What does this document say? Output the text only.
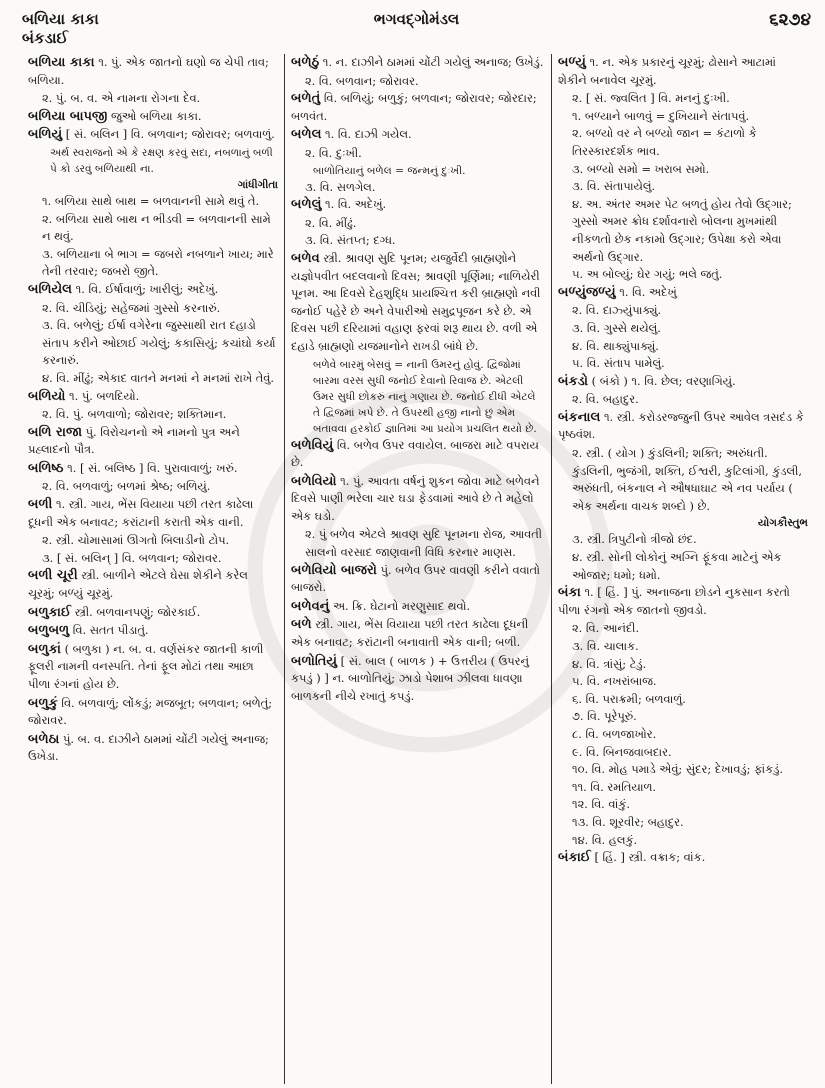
બળિયા કાકા
બંકડાઈ
ભગવદ્ગોમંડલ	૬૨૭૪
બળિયા કાકા ૧. પું. એક જાતનો ઘણો જ ચેપી તાવ; બળિયા.
૨. પું. બ. વ. એ નામના રોગના દેવ.
બળિયા બાપજી જુઓ બળિયા કાકા.
બળિયું [ સં. બલિન ] વિ. બળવાન; જોરાવર; બળવાળું.
અર્થ સ્વરાજનો એ કે રક્ષણ કરવું સદા, નબળાનું બળી પે કો ડરવું બળિયાથી ના.
ગાંધીગીતા
૧. બળિયા સાથે બાથ = બળવાનની સામે થવું તે.
૨. બળિયા સાથે બાથ ન ભીડવી = બળવાનની સામે ન થવું.
૩. બળિયાના બે ભાગ = જબરો નબળાને ખાય; મારે તેની તરવાર; જબરો જીતે.
બળિયેલ ૧. વિ. ઈર્ષાવાળું; ખારીલું; અદેખું.
૨. વિ. ચીડિયું; સહેજમાં ગુસ્સો કરનારું.
૩. વિ. બળેલું; ઈર્ષા વગેરેના જુસ્સાથી રાત દહાડો સંતાપ કરીને ઓછાઈ ગયેલું; કકાસિયું; કચાંઘો કર્યા કરનારું.
૪. વિ. મીંઢું; એકાદ વાતને મનમાં ને મનમાં રાખે તેવું.
બળિયો ૧. પું. બળદિયો.
૨. વિ. પું. બળવાળો; જોરાવર; શક્તિમાન.
બળિ રાજા પું. વિરોચનનો એ નામનો પુત્ર અને પ્રહ્લાદનો પૌત્ર.
બળિષ્ઠ ૧. [ સં. બલિષ્ઠ ] વિ. પુરાવાવાળું; ખરું.
૨. વિ. બળવાળું; બળમાં શ્રેષ્ઠ; બળિયું.
બળી ૧. સ્ત્રી. ગાય, ભેંસ વિયાયા પછી તરત કાઢેલા દૂધની એક બનાવટ; કરાંટાની કરાતી એક વાની.
૨. સ્ત્રી. ચોમાસામાં ઊગતો બિલાડીનો ટોપ.
૩. [ સં. બલિન્ ] વિ. બળવાન; જોરાવર.
બળી ચૂરી સ્ત્રી. બાળીને એટલે ઘેસા શેકીને કરેલ ચૂરમું; બળ્યું ચૂરમું.
બળુકાઈ સ્ત્રી. બળવાનપણું; જોરકાઈ.
બળુબળુ વિ. સતત પીડાતું.
બળુકાં ( બળુકા ) ન. બ. વ. વર્ણસંકર જાતની કાળી ફૂલરી નામની વનસ્પતિ. તેનાં ફૂલ મોટાં તથા આછા પીળા રંગનાં હોય છે.
બળુકું વિ. બળવાળું; લોંકડું; મજબૂત; બળવાન; બળેતું; જોરાવર.
બળેઠા પું. બ. વ. દાઝીને ઠામમાં ચોંટી ગયેલું અનાજ; ઉખેડા.
બળેઠું ૧. ન. દાઝીને ઠામમાં ચોંટી ગયેલું અનાજ; ઉખેડું.
૨. વિ. બળવાન; જોરાવર.
બળેતું વિ. બળિયું; બળુકું; બળવાન; જોરાવર; જોરદાર; બળવંત.
બળેલ ૧. વિ. દાઝી ગયેલ.
૨. વિ. દુઃખી.
બાળોતિયાનું બળેલ = જન્મનું દુઃખી.
૩. વિ. સળગેલ.
બળેલું ૧. વિ. અદેખું.
૨. વિ. મીંઢું.
૩. વિ. સંતપ્ત; દગ્ધ.
બળેવ સ્ત્રી. શ્રાવણ સુદિ પૂનમ; યજુર્વેદી બ્રાહ્મણોને યજ્ઞોપવીત બદલવાનો દિવસ; શ્રાવણી પૂર્ણિમા; નાળિયેરી પૂનમ. આ દિવસે દેહશુદ્ધિ પ્રાયશ્ચિત્ત કરી બ્રાહ્મણો નવી જનોઈ પહેરે છે અને વેપારીઓ સમુદ્રપૂજન કરે છે. એ દિવસ પછી દરિયામાં વહાણ ફરવાં શરૂ થાય છે. વળી એ દહાડે બ્રાહ્મણો યજમાનોને રાખડી બાંધે છે.
બળેવે બારમું બેસવું = નાની ઉમરનું હોવું. દ્વિજોમાં બારમા વરસ સુધી જનોઈ દેવાનો રિવાજ છે. એટલી ઉમર સુધી છોકરું નાનું ગણાય છે. જનોઈ દીધી એટલે તે દ્વિજમાં ખપે છે. તે ઉપરથી હજી નાનો છું એમ બતાવવા હરકોઈ જ્ઞાતિમાં આ પ્રયોગ પ્રચલિત થયો છે.
બળેવિયું વિ. બળેવ ઉપર વવાયેલ. બાજરા માટે વપરાય છે.
બળેવિયો ૧. પું. આવતા વર્ષનું શુકન જોવા માટે બળેવને દિવસે પાણી ભરેલા ચાર ઘડા ફેડવામાં આવે છે તે મહેલો એક ઘડો.
૨. પું બળેવ એટલે શ્રાવણ સુદિ પૂનમના રોજ, આવતી સાલનો વરસાદ જાણવાની વિધિ કરનાર માણસ.
બળેવિયો બાજરો પું. બળેવ ઉપર વાવણી કરીને વવાતો બાજરો.
બળેવનું અ. ક્રિ. ઘેટાનો મરણુસાદ થવો.
બળે સ્ત્રી. ગાય, ભેંસ વિયાયા પછી તરત કાઢેલા દૂધની એક બનાવટ; કરાંટાની બનાવાતી એક વાની; બળી.
બળોતિયું [ સં. બાલ ( બાળક ) + ઉત્તરીય ( ઉપરનું કપડું ) ] ન. બાળોતિયું; ઝાડો પેશાબ ઝીલવા ધાવણા બાળકની નીચે રખાતું કપડું.
બળ્યું ૧. ન. એક પ્રકારનું ચૂરમું; ઢોસાને આટામાં શેકીને બનાવેલ ચૂરમું.
૨. [ સં. જ્વલિત ] વિ. મનનું દુઃખી.
૧. બળ્યાને બાળવું = દુખિયાને સંતાપવું.
૨. બળ્યો વર ને બળ્યો જાન = કંટાળો કે તિરસ્કારદર્શક ભાવ.
૩. બળ્યો સમો = ખરાબ સમો.
૩. વિ. સંતાપાયેલું.
૪. અ. અંતર અમર પેટ બળતું હોય તેવો ઉદ્ગાર; ગુસ્સો અમર ક્રોધ દર્શાવનારો બોલના મુખમાંથી નીકળતો છેક નકામો ઉદ્ગાર; ઉપેક્ષા કરો એવા અર્થનો ઉદ્ગાર.
૫. અ બોલ્યું; ઘેર ગયું; ભલે જતું.
બળ્યુંજળ્યું ૧. વિ. અદેખું
૨. વિ. દાઝ્યુંપાક્યું.
૩. વિ. ગુસ્સે થયેલું.
૪. વિ. થાક્યુંપાક્યું.
૫. વિ. સંતાપ પામેલું.
બંકડો ( બંકો ) ૧. વિ. છેલ; વરણાગિયું.
૨. વિ. બહાદુર.
બંકનાલ ૧. સ્ત્રી. કરોડરજ્જુની ઉપર આવેલ ત્રસદંડ કે પૃષ્ઠવંશ.
૨. સ્ત્રી. ( યોગ ) કુંડલિની; શક્તિ; અરુંધતી. કુંડલિની, ભુજંગી, શક્તિ, ઈશ્વરી, કુટિલાંગી, કુંડલી, અરુંધતી, બંકનાલ ને ઔષધાઘાટ એ નવ પર્યાય ( એક અર્થના વાચક શબ્દો ) છે.
યોગકૌસ્તુભ
૩. સ્ત્રી. ત્રિપુટીનો ત્રીજો છંદ.
૪. સ્ત્રી. સોની લોકોનું અગ્નિ ફૂંકવા માટેનું એક ઓજાર; ધમો; ધમો.
બંકા ૧. [ હિં. ] પું. અનાજના છોડને નુકસાન કરતો પીળા રંગનો એક જાતનો જીવડો.
૨. વિ. આનંદી.
૩. વિ. ચાલાક.
૪. વિ. ત્રાંસું; ટેડું.
૫. વિ. નખરાંબાજ.
૬. વિ. પરાક્રમી; બળવાળું.
૭. વિ. પૂરેપૂરું.
૮. વિ. બળજાખોર.
૯. વિ. બિનજવાબદાર.
૧૦. વિ. મોહ પમાડે એવું; સુંદર; દેખાવડું; ફાંકડું.
૧૧. વિ. રમતિયાળ.
૧૨. વિ. વાંકું.
૧૩. વિ. શૂરવીર; બહાદુર.
૧૪. વિ. હલકું.
બંકાઈ [ હિં. ] સ્ત્રી. વક્રાક; વાંક.
